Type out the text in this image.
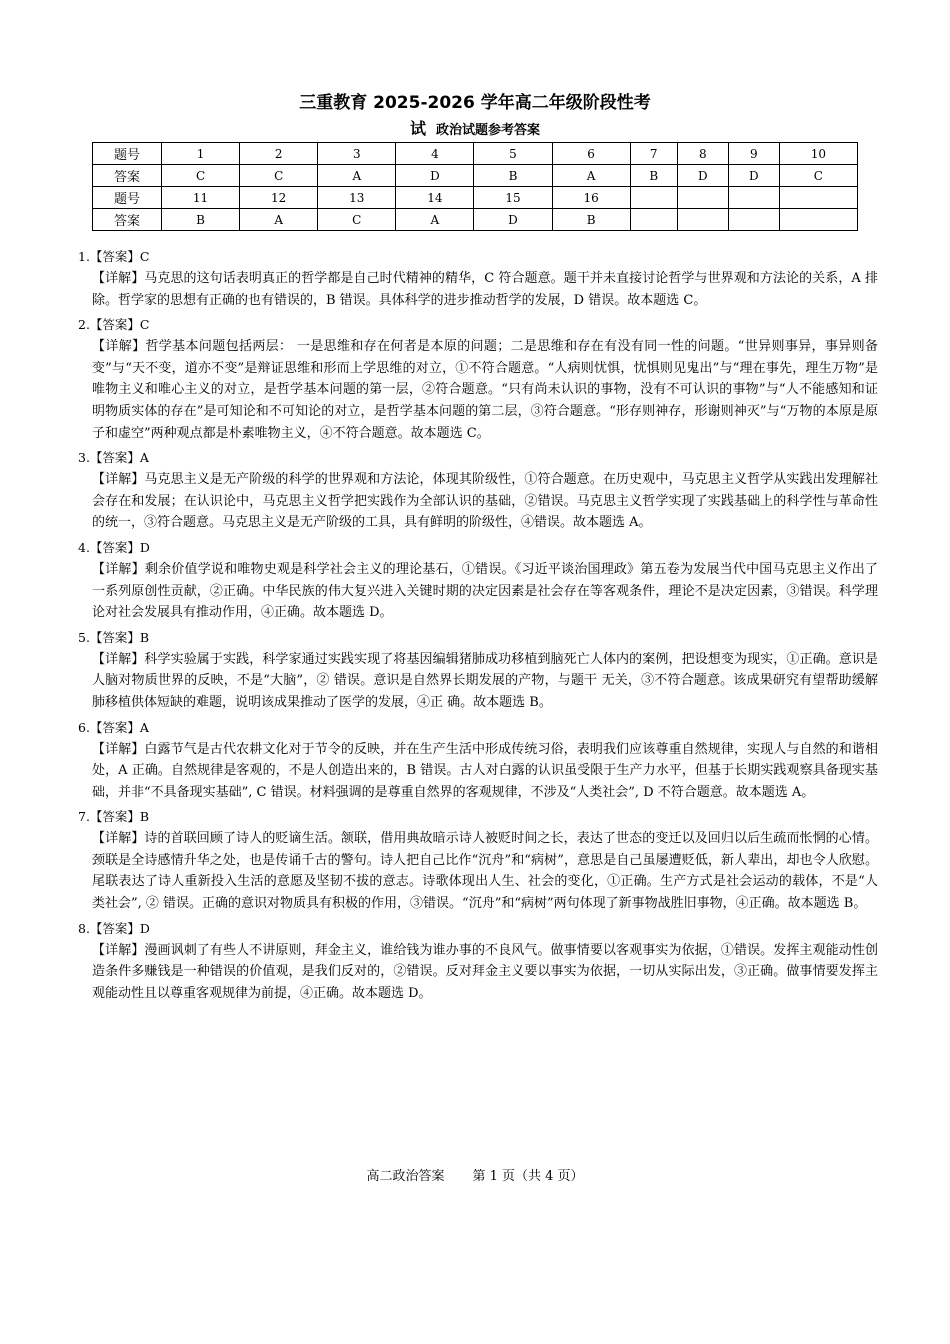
三重教育 2025-2026 学年高二年级阶段性考
试 政治试题参考答案
题号	1	2	3	4	5	6	7	8	9	10
答案	C	C	A	D	B	A	B	D	D	C
题号	11	12	13	14	15	16				
答案	B	A	C	A	D	B				
1.【答案】C
【详解】马克思的这句话表明真正的哲学都是自己时代精神的精华，C 符合题意。题干并未直接讨论哲学与世界观和方法论的关系，A 排除。哲学家的思想有正确的也有错误的，B 错误。具体科学的进步推动哲学的发展，D 错误。故本题选 C。
2.【答案】C
【详解】哲学基本问题包括两层： 一是思维和存在何者是本原的问题；二是思维和存在有没有同一性的问题。“世异则事异，事异则备变”与“天不变，道亦不变”是辩证思维和形而上学思维的对立，①不符合题意。“人病则忧惧，忧惧则见鬼出”与“理在事先，理生万物”是唯物主义和唯心主义的对立，是哲学基本问题的第一层，②符合题意。“只有尚未认识的事物，没有不可认识的事物”与“人不能感知和证明物质实体的存在”是可知论和不可知论的对立，是哲学基本问题的第二层，③符合题意。“形存则神存，形谢则神灭”与“万物的本原是原子和虚空”两种观点都是朴素唯物主义，④不符合题意。故本题选 C。
3.【答案】A
【详解】马克思主义是无产阶级的科学的世界观和方法论，体现其阶级性，①符合题意。在历史观中，马克思主义哲学从实践出发理解社会存在和发展；在认识论中，马克思主义哲学把实践作为全部认识的基础，②错误。马克思主义哲学实现了实践基础上的科学性与革命性的统一，③符合题意。马克思主义是无产阶级的工具，具有鲜明的阶级性，④错误。故本题选 A。
4.【答案】D
【详解】剩余价值学说和唯物史观是科学社会主义的理论基石，①错误。《习近平谈治国理政》第五卷为发展当代中国马克思主义作出了一系列原创性贡献，②正确。中华民族的伟大复兴进入关键时期的决定因素是社会存在等客观条件，理论不是决定因素，③错误。科学理论对社会发展具有推动作用，④正确。故本题选 D。
5.【答案】B
【详解】科学实验属于实践，科学家通过实践实现了将基因编辑猪肺成功移植到脑死亡人体内的案例，把设想变为现实，①正确。意识是人脑对物质世界的反映，不是“大脑”，② 错误。意识是自然界长期发展的产物，与题干 无关，③不符合题意。该成果研究有望帮助缓解肺移植供体短缺的难题，说明该成果推动了医学的发展，④正 确。故本题选 B。
6.【答案】A
【详解】白露节气是古代农耕文化对于节令的反映，并在生产生活中形成传统习俗，表明我们应该尊重自然规律，实现人与自然的和谐相处，A 正确。自然规律是客观的，不是人创造出来的，B 错误。古人对白露的认识虽受限于生产力水平，但基于长期实践观察具备现实基础，并非“不具备现实基础”, C 错误。材料强调的是尊重自然界的客观规律，不涉及“人类社会”, D 不符合题意。故本题选 A。
7.【答案】B
【详解】诗的首联回顾了诗人的贬谪生活。颔联，借用典故暗示诗人被贬时间之长，表达了世态的变迁以及回归以后生疏而怅惘的心情。颈联是全诗感情升华之处，也是传诵千古的警句。诗人把自己比作“沉舟”和“病树”，意思是自己虽屡遭贬低，新人辈出，却也令人欣慰。尾联表达了诗人重新投入生活的意愿及坚韧不拔的意志。诗歌体现出人生、社会的变化，①正确。生产方式是社会运动的载体，不是“人类社会”, ② 错误。正确的意识对物质具有积极的作用，③错误。“沉舟”和“病树”两句体现了新事物战胜旧事物，④正确。故本题选 B。
8.【答案】D
【详解】漫画讽刺了有些人不讲原则，拜金主义，谁给钱为谁办事的不良风气。做事情要以客观事实为依据，①错误。发挥主观能动性创造条件多赚钱是一种错误的价值观，是我们反对的，②错误。反对拜金主义要以事实为依据，一切从实际出发，③正确。做事情要发挥主观能动性且以尊重客观规律为前提，④正确。故本题选 D。
高二政治答案 第 1 页（共 4 页）
